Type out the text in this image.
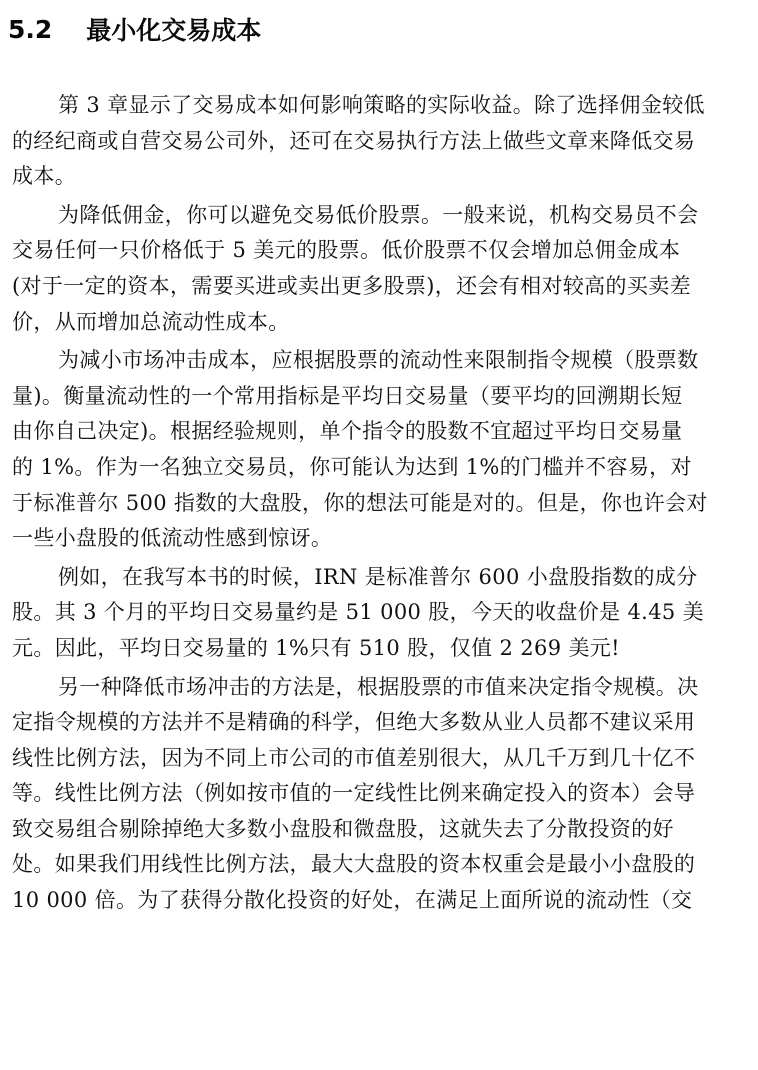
5.2 最小化交易成本
第 3 章显示了交易成本如何影响策略的实际收益。除了选择佣金较低
的经纪商或自营交易公司外，还可在交易执行方法上做些文章来降低交易
成本。
为降低佣金，你可以避免交易低价股票。一般来说，机构交易员不会
交易任何一只价格低于 5 美元的股票。低价股票不仅会增加总佣金成本
(对于一定的资本，需要买进或卖出更多股票)，还会有相对较高的买卖差
价，从而增加总流动性成本。
为减小市场冲击成本，应根据股票的流动性来限制指令规模（股票数
量)。衡量流动性的一个常用指标是平均日交易量（要平均的回溯期长短
由你自己决定)。根据经验规则，单个指令的股数不宜超过平均日交易量
的 1%。作为一名独立交易员，你可能认为达到 1%的门槛并不容易，对
于标准普尔 500 指数的大盘股，你的想法可能是对的。但是，你也许会对
一些小盘股的低流动性感到惊讶。
例如，在我写本书的时候，IRN 是标准普尔 600 小盘股指数的成分
股。其 3 个月的平均日交易量约是 51 000 股，今天的收盘价是 4.45 美
元。因此，平均日交易量的 1%只有 510 股，仅值 2 269 美元!
另一种降低市场冲击的方法是，根据股票的市值来决定指令规模。决
定指令规模的方法并不是精确的科学，但绝大多数从业人员都不建议采用
线性比例方法，因为不同上市公司的市值差别很大，从几千万到几十亿不
等。线性比例方法（例如按市值的一定线性比例来确定投入的资本）会导
致交易组合剔除掉绝大多数小盘股和微盘股，这就失去了分散投资的好
处。如果我们用线性比例方法，最大大盘股的资本权重会是最小小盘股的
10 000 倍。为了获得分散化投资的好处，在满足上面所说的流动性（交
